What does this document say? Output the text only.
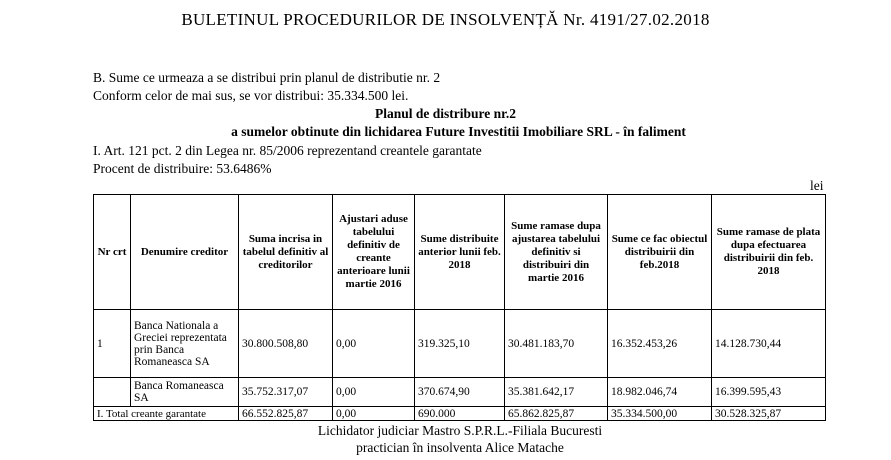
BULETINUL PROCEDURILOR DE INSOLVENȚĂ Nr. 4191/27.02.2018
B. Sume ce urmeaza a se distribui prin planul de distributie nr. 2
Conform celor de mai sus, se vor distribui: 35.334.500 lei.
Planul de distribure nr.2
a sumelor obtinute din lichidarea Future Investitii Imobiliare SRL - în faliment
I. Art. 121 pct. 2 din Legea nr. 85/2006 reprezentand creantele garantate
Procent de distribuire: 53.6486%
lei
Nr crt	Denumire creditor	Suma incrisa in tabelul definitiv al creditorilor	Ajustari aduse tabelului definitiv de creante anterioare lunii martie 2016	Sume distribuite anterior lunii feb. 2018	Sume ramase dupa ajustarea tabelului definitiv si distribuiri din martie 2016	Sume ce fac obiectul distribuirii din feb.2018	Sume ramase de plata dupa efectuarea distribuirii din feb. 2018
1	Banca Nationala a Greciei reprezentata prin Banca Romaneasca SA	30.800.508,80	0,00	319.325,10	30.481.183,70	16.352.453,26	14.128.730,44
	Banca Romaneasca SA	35.752.317,07	0,00	370.674,90	35.381.642,17	18.982.046,74	16.399.595,43
I. Total creante garantate		66.552.825,87	0,00	690.000	65.862.825,87	35.334.500,00	30.528.325,87
Lichidator judiciar Mastro S.P.R.L.-Filiala Bucuresti
practician în insolventa Alice Matache
